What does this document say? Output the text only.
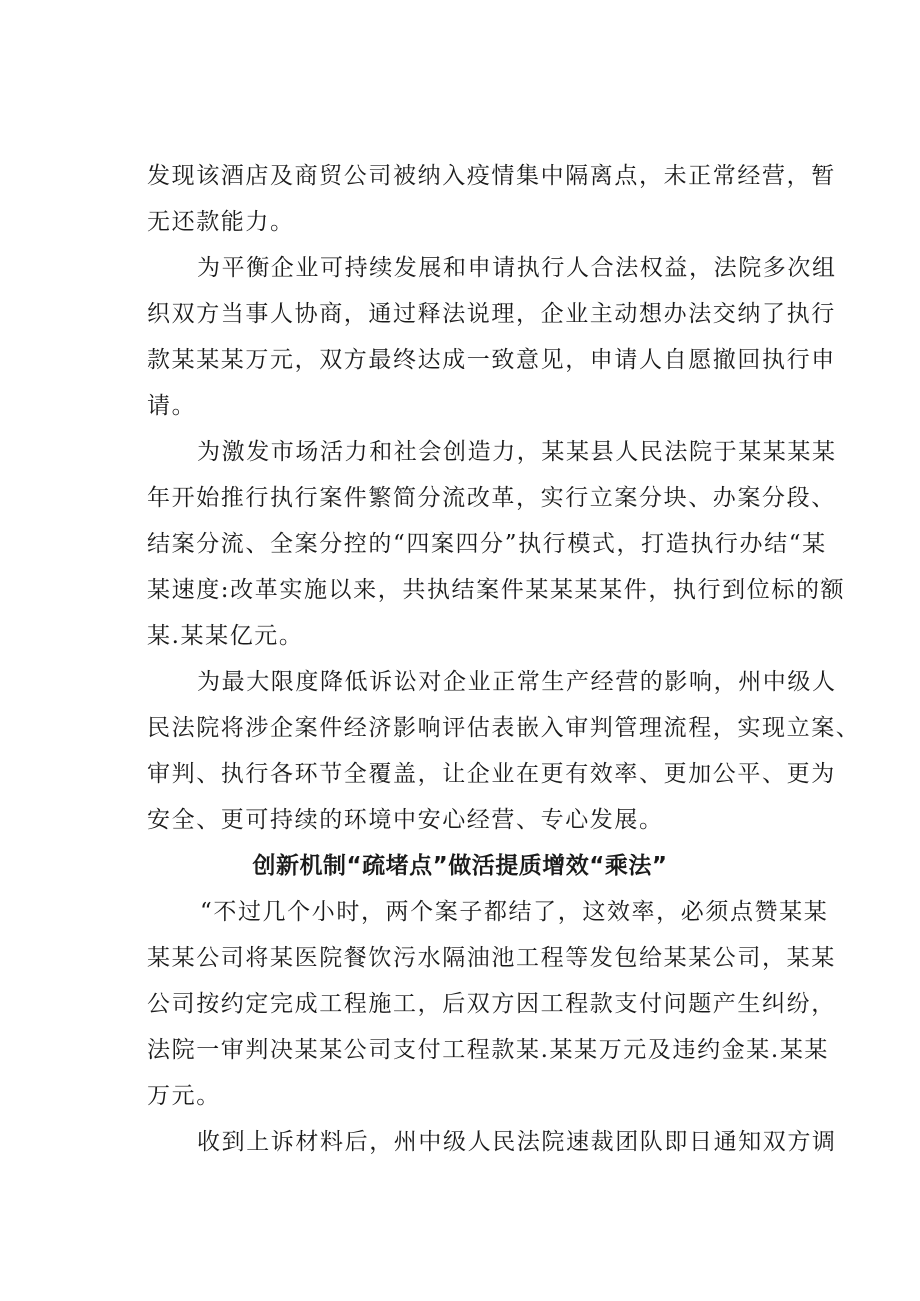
发现该酒店及商贸公司被纳入疫情集中隔离点，未正常经营，暂
无还款能力。
为平衡企业可持续发展和申请执行人合法权益，法院多次组
织双方当事人协商，通过释法说理，企业主动想办法交纳了执行
款某某某万元，双方最终达成一致意见，申请人自愿撤回执行申
请。
为激发市场活力和社会创造力，某某县人民法院于某某某某
年开始推行执行案件繁简分流改革，实行立案分块、办案分段、
结案分流、全案分控的“四案四分”执行模式，打造执行办结“某
某速度:改革实施以来，共执结案件某某某某件，执行到位标的额
某.某某亿元。
为最大限度降低诉讼对企业正常生产经营的影响，州中级人
民法院将涉企案件经济影响评估表嵌入审判管理流程，实现立案、
审判、执行各环节全覆盖，让企业在更有效率、更加公平、更为
安全、更可持续的环境中安心经营、专心发展。
创新机制“疏堵点”做活提质增效“乘法”
“不过几个小时，两个案子都结了，这效率，必须点赞某某
某某公司将某医院餐饮污水隔油池工程等发包给某某公司，某某
公司按约定完成工程施工，后双方因工程款支付问题产生纠纷，
法院一审判决某某公司支付工程款某.某某万元及违约金某.某某
万元。
收到上诉材料后，州中级人民法院速裁团队即日通知双方调
